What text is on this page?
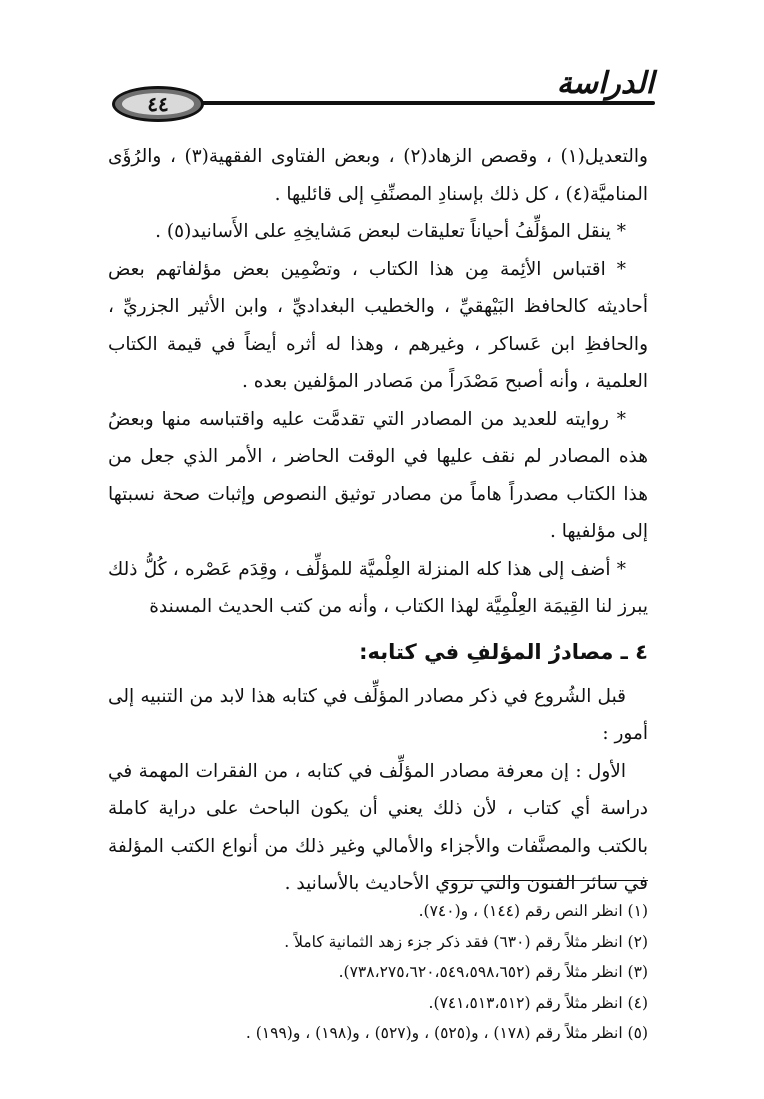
٤٤
الدراسة

والتعديل(١) ، وقصص الزهاد(٢) ، وبعض الفتاوى الفقهية(٣) ، والرُؤَى المناميَّة(٤) ، كل ذلك بإسنادِ المصنِّفِ إلى قائليها .

* ينقل المؤلِّفُ أحياناً تعليقات لبعض مَشايخِهِ على الأَسانيد(٥) .

* اقتباس الأئِمة مِن هذا الكتاب ، وتضْمِين بعض مؤلفاتهم بعض أحاديثه كالحافظ البَيْهقيِّ ، والخطيب البغداديِّ ، وابن الأثير الجزريِّ ، والحافظِ ابن عَساكر ، وغيرهم ، وهذا له أثره أيضاً في قيمة الكتاب العلمية ، وأنه أصبح مَصْدَراً من مَصادر المؤلفين بعده .

* روايته للعديد من المصادر التي تقدمَّت عليه واقتباسه منها وبعضُ هذه المصادر لم نقف عليها في الوقت الحاضر ، الأمر الذي جعل من هذا الكتاب مصدراً هاماً من مصادر توثيق النصوص وإثبات صحة نسبتها إلى مؤلفيها .

* أضف إلى هذا كله المنزلة العِلْميَّة للمؤلِّف ، وقِدَم عَصْره ، كُلُّ ذلك يبرز لنا القِيمَة العِلْمِيَّة لهذا الكتاب ، وأنه من كتب الحديث المسندة

٤ ـ مصادرُ المؤلفِ في كتابه:

قبل الشُروع في ذكر مصادر المؤلِّف في كتابه هذا لابد من التنبيه إلى أمور :

الأول : إن معرفة مصادر المؤلِّف في كتابه ، من الفقرات المهمة في دراسة أي كتاب ، لأن ذلك يعني أن يكون الباحث على دراية كاملة بالكتب والمصنَّفات والأجزاء والأمالي وغير ذلك من أنواع الكتب المؤلفة في سائر الفنون والتي تروي الأحاديث بالأسانيد .

(١) انظر النص رقم (١٤٤) ، و(٧٤٠).
(٢) انظر مثلاً رقم (٦٣٠) فقد ذكر جزء زهد الثمانية كاملاً .
(٣) انظر مثلاً رقم (٧٣٨،٢٧٥،٦٢٠،٥٤٩،٥٩٨،٦٥٢).
(٤) انظر مثلاً رقم (٧٤١،٥١٣،٥١٢).
(٥) انظر مثلاً رقم (١٧٨) ، و(٥٢٥) ، و(٥٢٧) ، و(١٩٨) ، و(١٩٩) .
